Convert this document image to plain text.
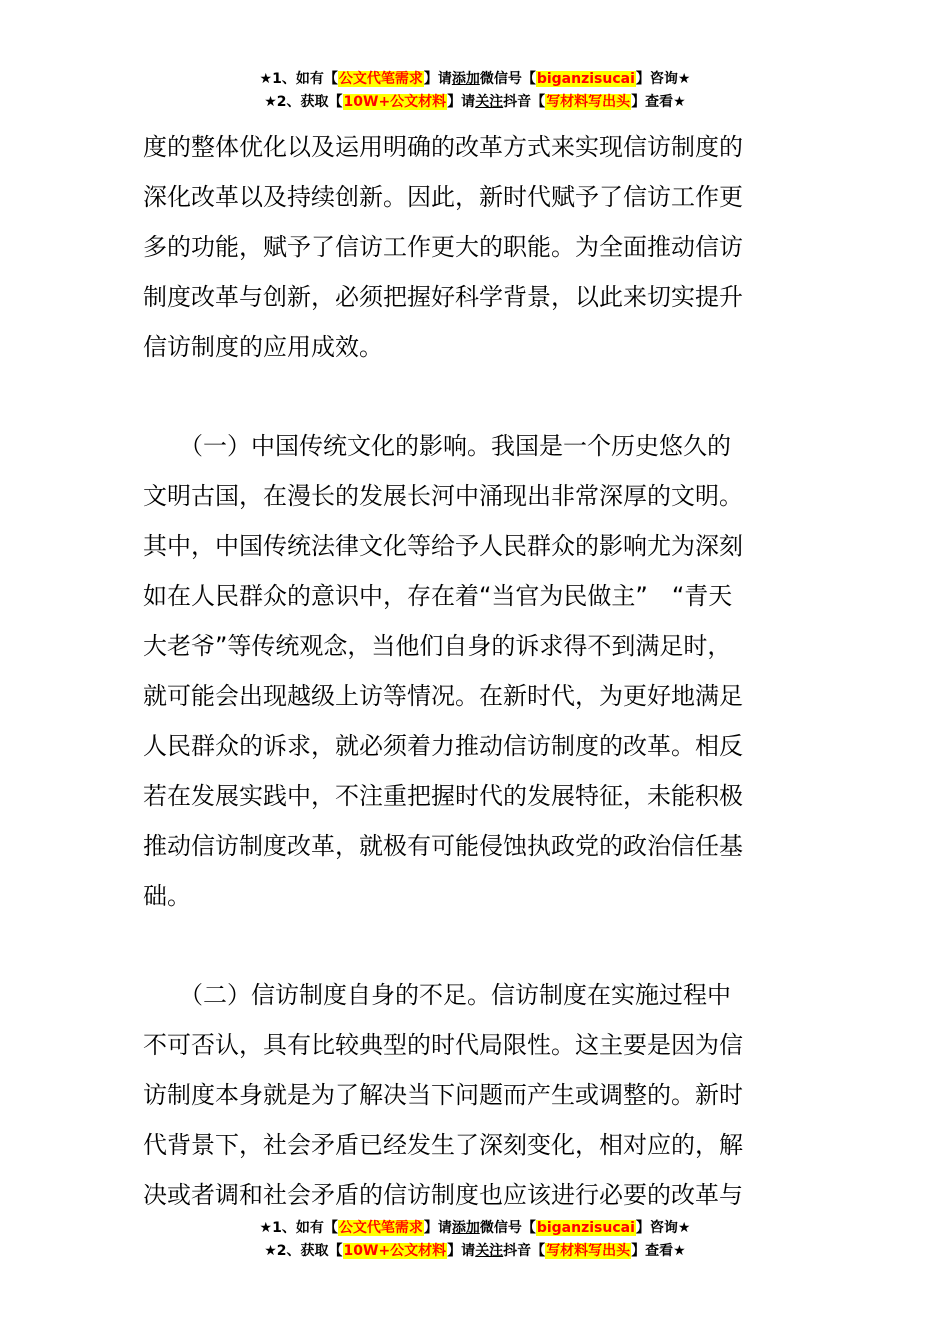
★1、如有【公文代笔需求】请添加微信号【biganzisucai】咨询★
★2、获取【10W+公文材料】请关注抖音【写材料写出头】查看★
度的整体优化以及运用明确的改革方式来实现信访制度的
深化改革以及持续创新。因此，新时代赋予了信访工作更
多的功能，赋予了信访工作更大的职能。为全面推动信访
制度改革与创新，必须把握好科学背景，以此来切实提升
信访制度的应用成效。
　　（一）中国传统文化的影响。我国是一个历史悠久的
文明古国，在漫长的发展长河中涌现出非常深厚的文明。
其中，中国传统法律文化等给予人民群众的影响尤为深刻
如在人民群众的意识中，存在着“当官为民做主”　“青天
大老爷”等传统观念，当他们自身的诉求得不到满足时，
就可能会出现越级上访等情况。在新时代，为更好地满足
人民群众的诉求，就必须着力推动信访制度的改革。相反
若在发展实践中，不注重把握时代的发展特征，未能积极
推动信访制度改革，就极有可能侵蚀执政党的政治信任基
础。
　　（二）信访制度自身的不足。信访制度在实施过程中
不可否认，具有比较典型的时代局限性。这主要是因为信
访制度本身就是为了解决当下问题而产生或调整的。新时
代背景下，社会矛盾已经发生了深刻变化，相对应的，解
决或者调和社会矛盾的信访制度也应该进行必要的改革与
★1、如有【公文代笔需求】请添加微信号【biganzisucai】咨询★
★2、获取【10W+公文材料】请关注抖音【写材料写出头】查看★
